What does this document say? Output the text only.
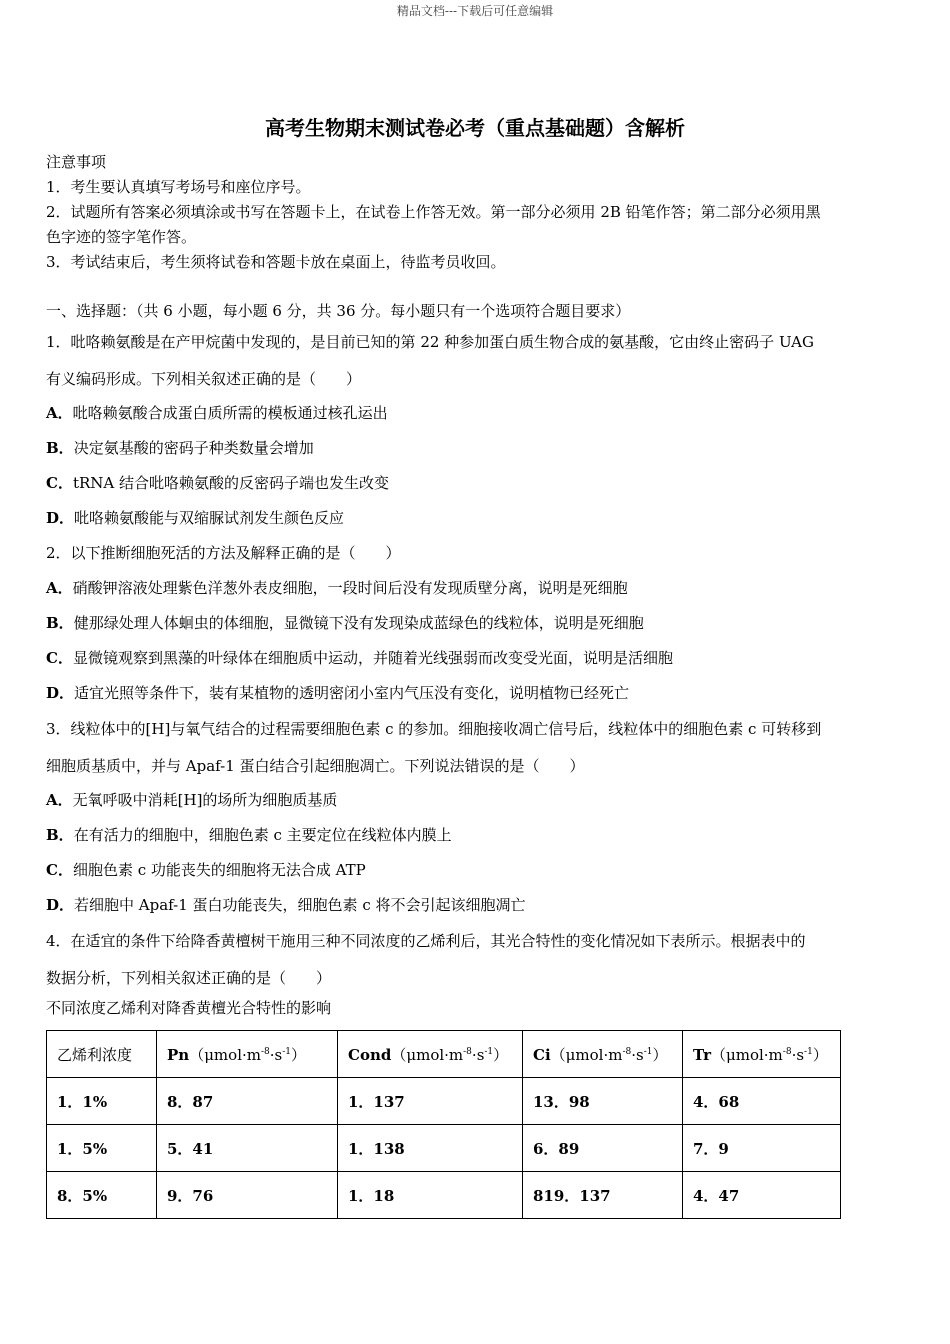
精品文档---下载后可任意编辑
高考生物期末测试卷必考（重点基础题）含解析
注意事项
1．考生要认真填写考场号和座位序号。
2．试题所有答案必须填涂或书写在答题卡上，在试卷上作答无效。第一部分必须用 2B 铅笔作答；第二部分必须用黑
色字迹的签字笔作答。
3．考试结束后，考生须将试卷和答题卡放在桌面上，待监考员收回。
一、选择题：（共 6 小题，每小题 6 分，共 36 分。每小题只有一个选项符合题目要求）
1．吡咯赖氨酸是在产甲烷菌中发现的，是目前已知的第 22 种参加蛋白质生物合成的氨基酸，它由终止密码子 UAG
有义编码形成。下列相关叙述正确的是（　　）
A．吡咯赖氨酸合成蛋白质所需的模板通过核孔运出
B．决定氨基酸的密码子种类数量会增加
C．tRNA 结合吡咯赖氨酸的反密码子端也发生改变
D．吡咯赖氨酸能与双缩脲试剂发生颜色反应
2．以下推断细胞死活的方法及解释正确的是（　　）
A．硝酸钾溶液处理紫色洋葱外表皮细胞，一段时间后没有发现质壁分离，说明是死细胞
B．健那绿处理人体蛔虫的体细胞，显微镜下没有发现染成蓝绿色的线粒体，说明是死细胞
C．显微镜观察到黑藻的叶绿体在细胞质中运动，并随着光线强弱而改变受光面，说明是活细胞
D．适宜光照等条件下，装有某植物的透明密闭小室内气压没有变化，说明植物已经死亡
3．线粒体中的[H]与氧气结合的过程需要细胞色素 c 的参加。细胞接收凋亡信号后，线粒体中的细胞色素 c 可转移到
细胞质基质中，并与 Apaf-1 蛋白结合引起细胞凋亡。下列说法错误的是（　　）
A．无氧呼吸中消耗[H]的场所为细胞质基质
B．在有活力的细胞中，细胞色素 c 主要定位在线粒体内膜上
C．细胞色素 c 功能丧失的细胞将无法合成 ATP
D．若细胞中 Apaf-1 蛋白功能丧失，细胞色素 c 将不会引起该细胞凋亡
4．在适宜的条件下给降香黄檀树干施用三种不同浓度的乙烯利后，其光合特性的变化情况如下表所示。根据表中的
数据分析，下列相关叙述正确的是（　　）
不同浓度乙烯利对降香黄檀光合特性的影响
乙烯利浓度	$Pn(\mu mol\cdot m^{-8}\cdot s^{-1})$	$Cond(\mu mol\cdot m^{-8}\cdot s^{-1})$	$Ci(\mu mol\cdot m^{-8}\cdot s^{-1})$	$Tr(\mu mol\cdot m^{-8}\cdot s^{-1})$
1．1%	8．87	1．137	13．98	4．68
1．5%	5．41	1．138	6．89	7．9
8．5%	9．76	1．18	819．137	4．47
